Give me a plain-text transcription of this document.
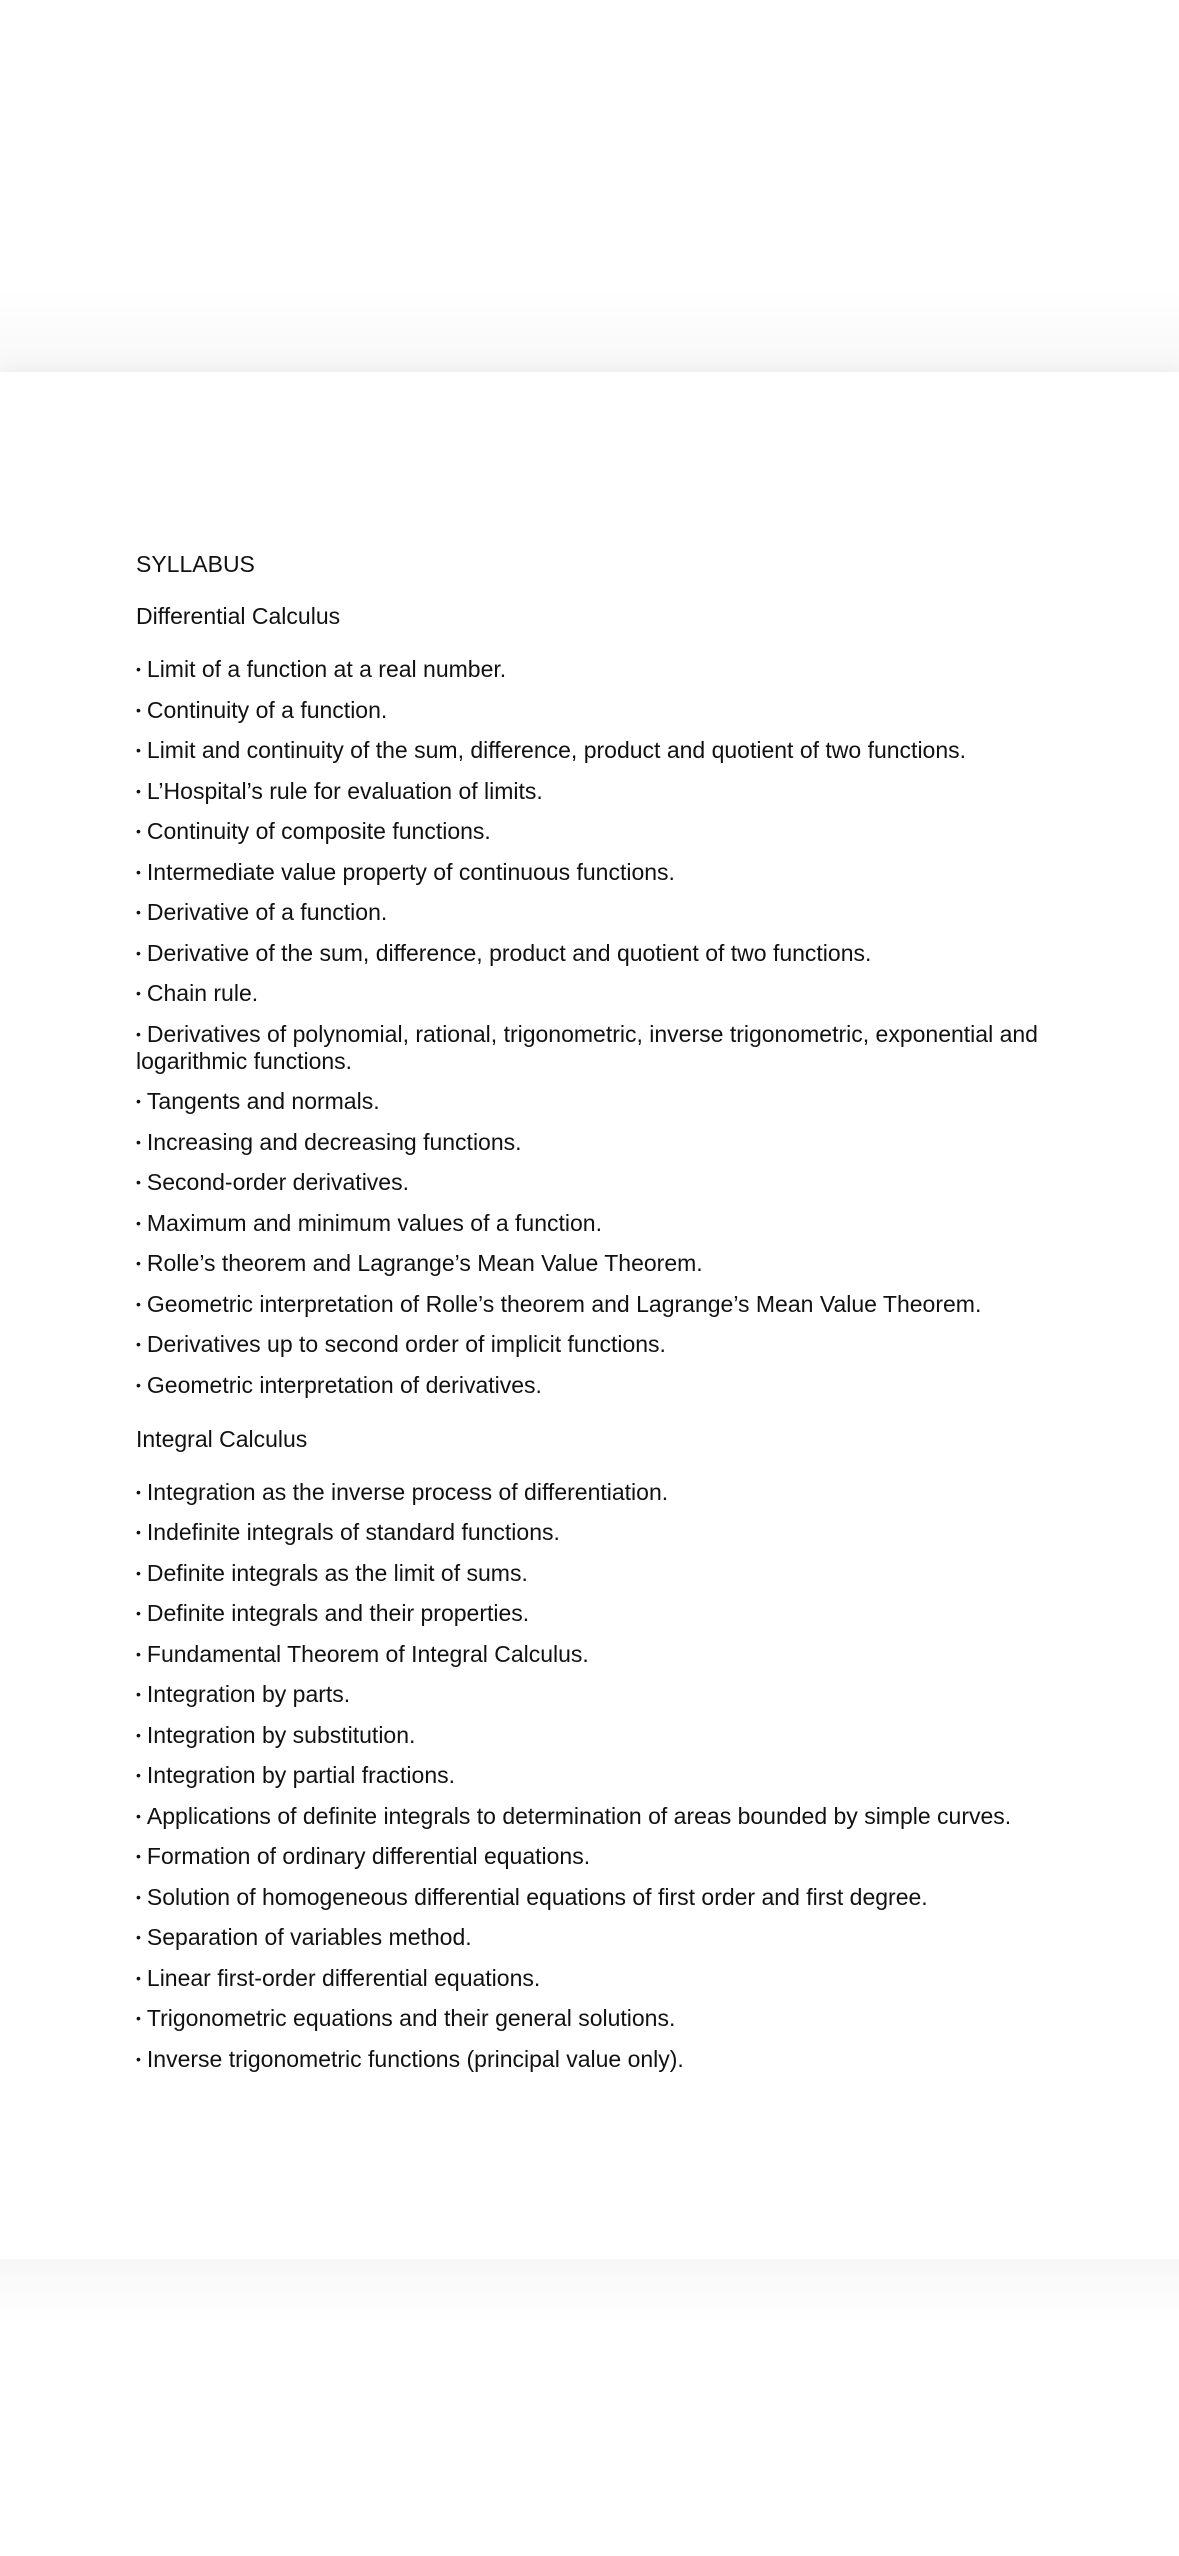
SYLLABUS
Differential Calculus
• Limit of a function at a real number.
• Continuity of a function.
• Limit and continuity of the sum, difference, product and quotient of two functions.
• L’Hospital’s rule for evaluation of limits.
• Continuity of composite functions.
• Intermediate value property of continuous functions.
• Derivative of a function.
• Derivative of the sum, difference, product and quotient of two functions.
• Chain rule.
• Derivatives of polynomial, rational, trigonometric, inverse trigonometric, exponential and logarithmic functions.
• Tangents and normals.
• Increasing and decreasing functions.
• Second-order derivatives.
• Maximum and minimum values of a function.
• Rolle’s theorem and Lagrange’s Mean Value Theorem.
• Geometric interpretation of Rolle’s theorem and Lagrange’s Mean Value Theorem.
• Derivatives up to second order of implicit functions.
• Geometric interpretation of derivatives.
Integral Calculus
• Integration as the inverse process of differentiation.
• Indefinite integrals of standard functions.
• Definite integrals as the limit of sums.
• Definite integrals and their properties.
• Fundamental Theorem of Integral Calculus.
• Integration by parts.
• Integration by substitution.
• Integration by partial fractions.
• Applications of definite integrals to determination of areas bounded by simple curves.
• Formation of ordinary differential equations.
• Solution of homogeneous differential equations of first order and first degree.
• Separation of variables method.
• Linear first-order differential equations.
• Trigonometric equations and their general solutions.
• Inverse trigonometric functions (principal value only).
